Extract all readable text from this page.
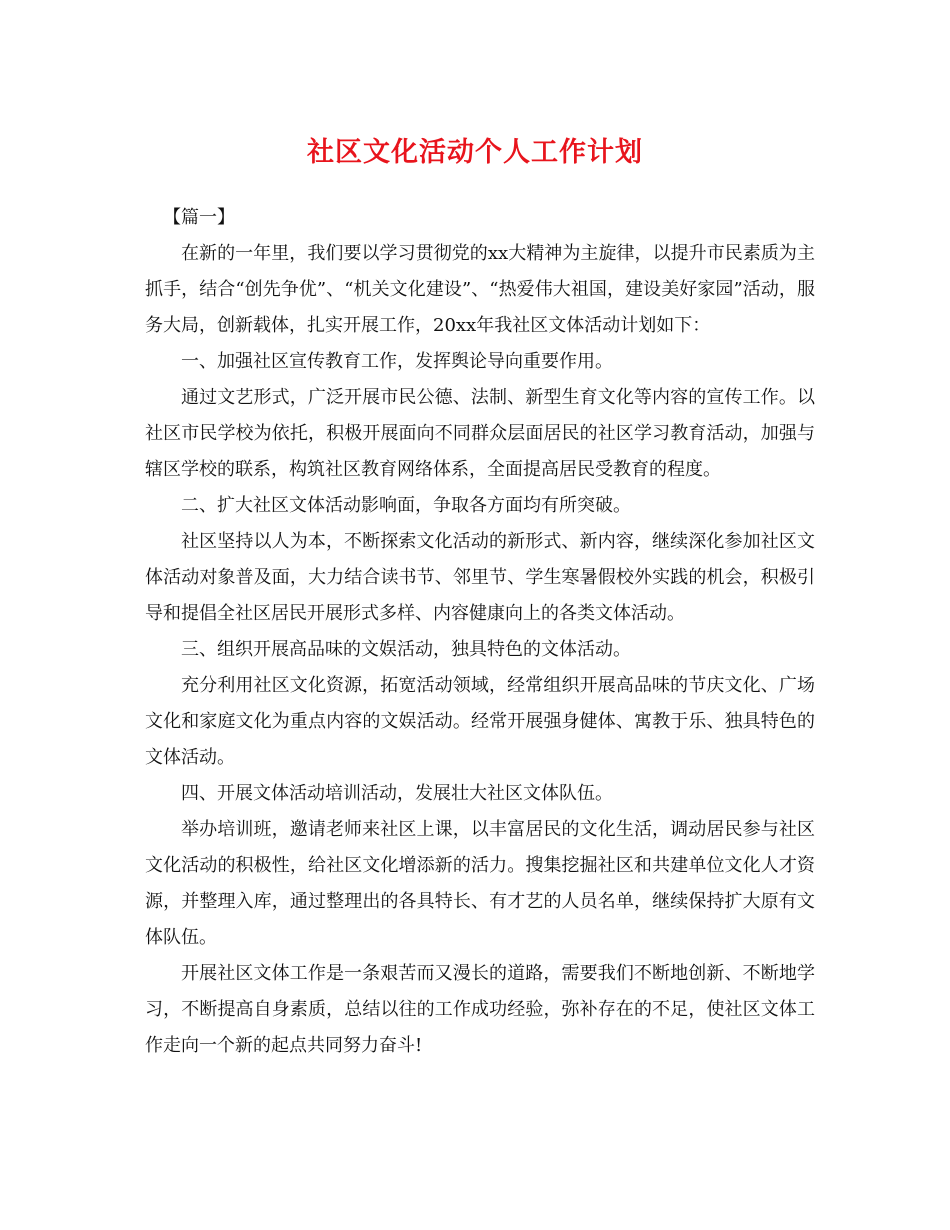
社区文化活动个人工作计划

【篇一】

在新的一年里，我们要以学习贯彻党的xx大精神为主旋律，以提升市民素质为主抓手，结合“创先争优”、“机关文化建设”、“热爱伟大祖国，建设美好家园”活动，服务大局，创新载体，扎实开展工作，20xx年我社区文体活动计划如下：

一、加强社区宣传教育工作，发挥舆论导向重要作用。

通过文艺形式，广泛开展市民公德、法制、新型生育文化等内容的宣传工作。以社区市民学校为依托，积极开展面向不同群众层面居民的社区学习教育活动，加强与辖区学校的联系，构筑社区教育网络体系，全面提高居民受教育的程度。

二、扩大社区文体活动影响面，争取各方面均有所突破。

社区坚持以人为本，不断探索文化活动的新形式、新内容，继续深化参加社区文体活动对象普及面，大力结合读书节、邻里节、学生寒暑假校外实践的机会，积极引导和提倡全社区居民开展形式多样、内容健康向上的各类文体活动。

三、组织开展高品味的文娱活动，独具特色的文体活动。

充分利用社区文化资源，拓宽活动领域，经常组织开展高品味的节庆文化、广场文化和家庭文化为重点内容的文娱活动。经常开展强身健体、寓教于乐、独具特色的文体活动。

四、开展文体活动培训活动，发展壮大社区文体队伍。

举办培训班，邀请老师来社区上课，以丰富居民的文化生活，调动居民参与社区文化活动的积极性，给社区文化增添新的活力。搜集挖掘社区和共建单位文化人才资源，并整理入库，通过整理出的各具特长、有才艺的人员名单，继续保持扩大原有文体队伍。

开展社区文体工作是一条艰苦而又漫长的道路，需要我们不断地创新、不断地学习，不断提高自身素质，总结以往的工作成功经验，弥补存在的不足，使社区文体工作走向一个新的起点共同努力奋斗!
